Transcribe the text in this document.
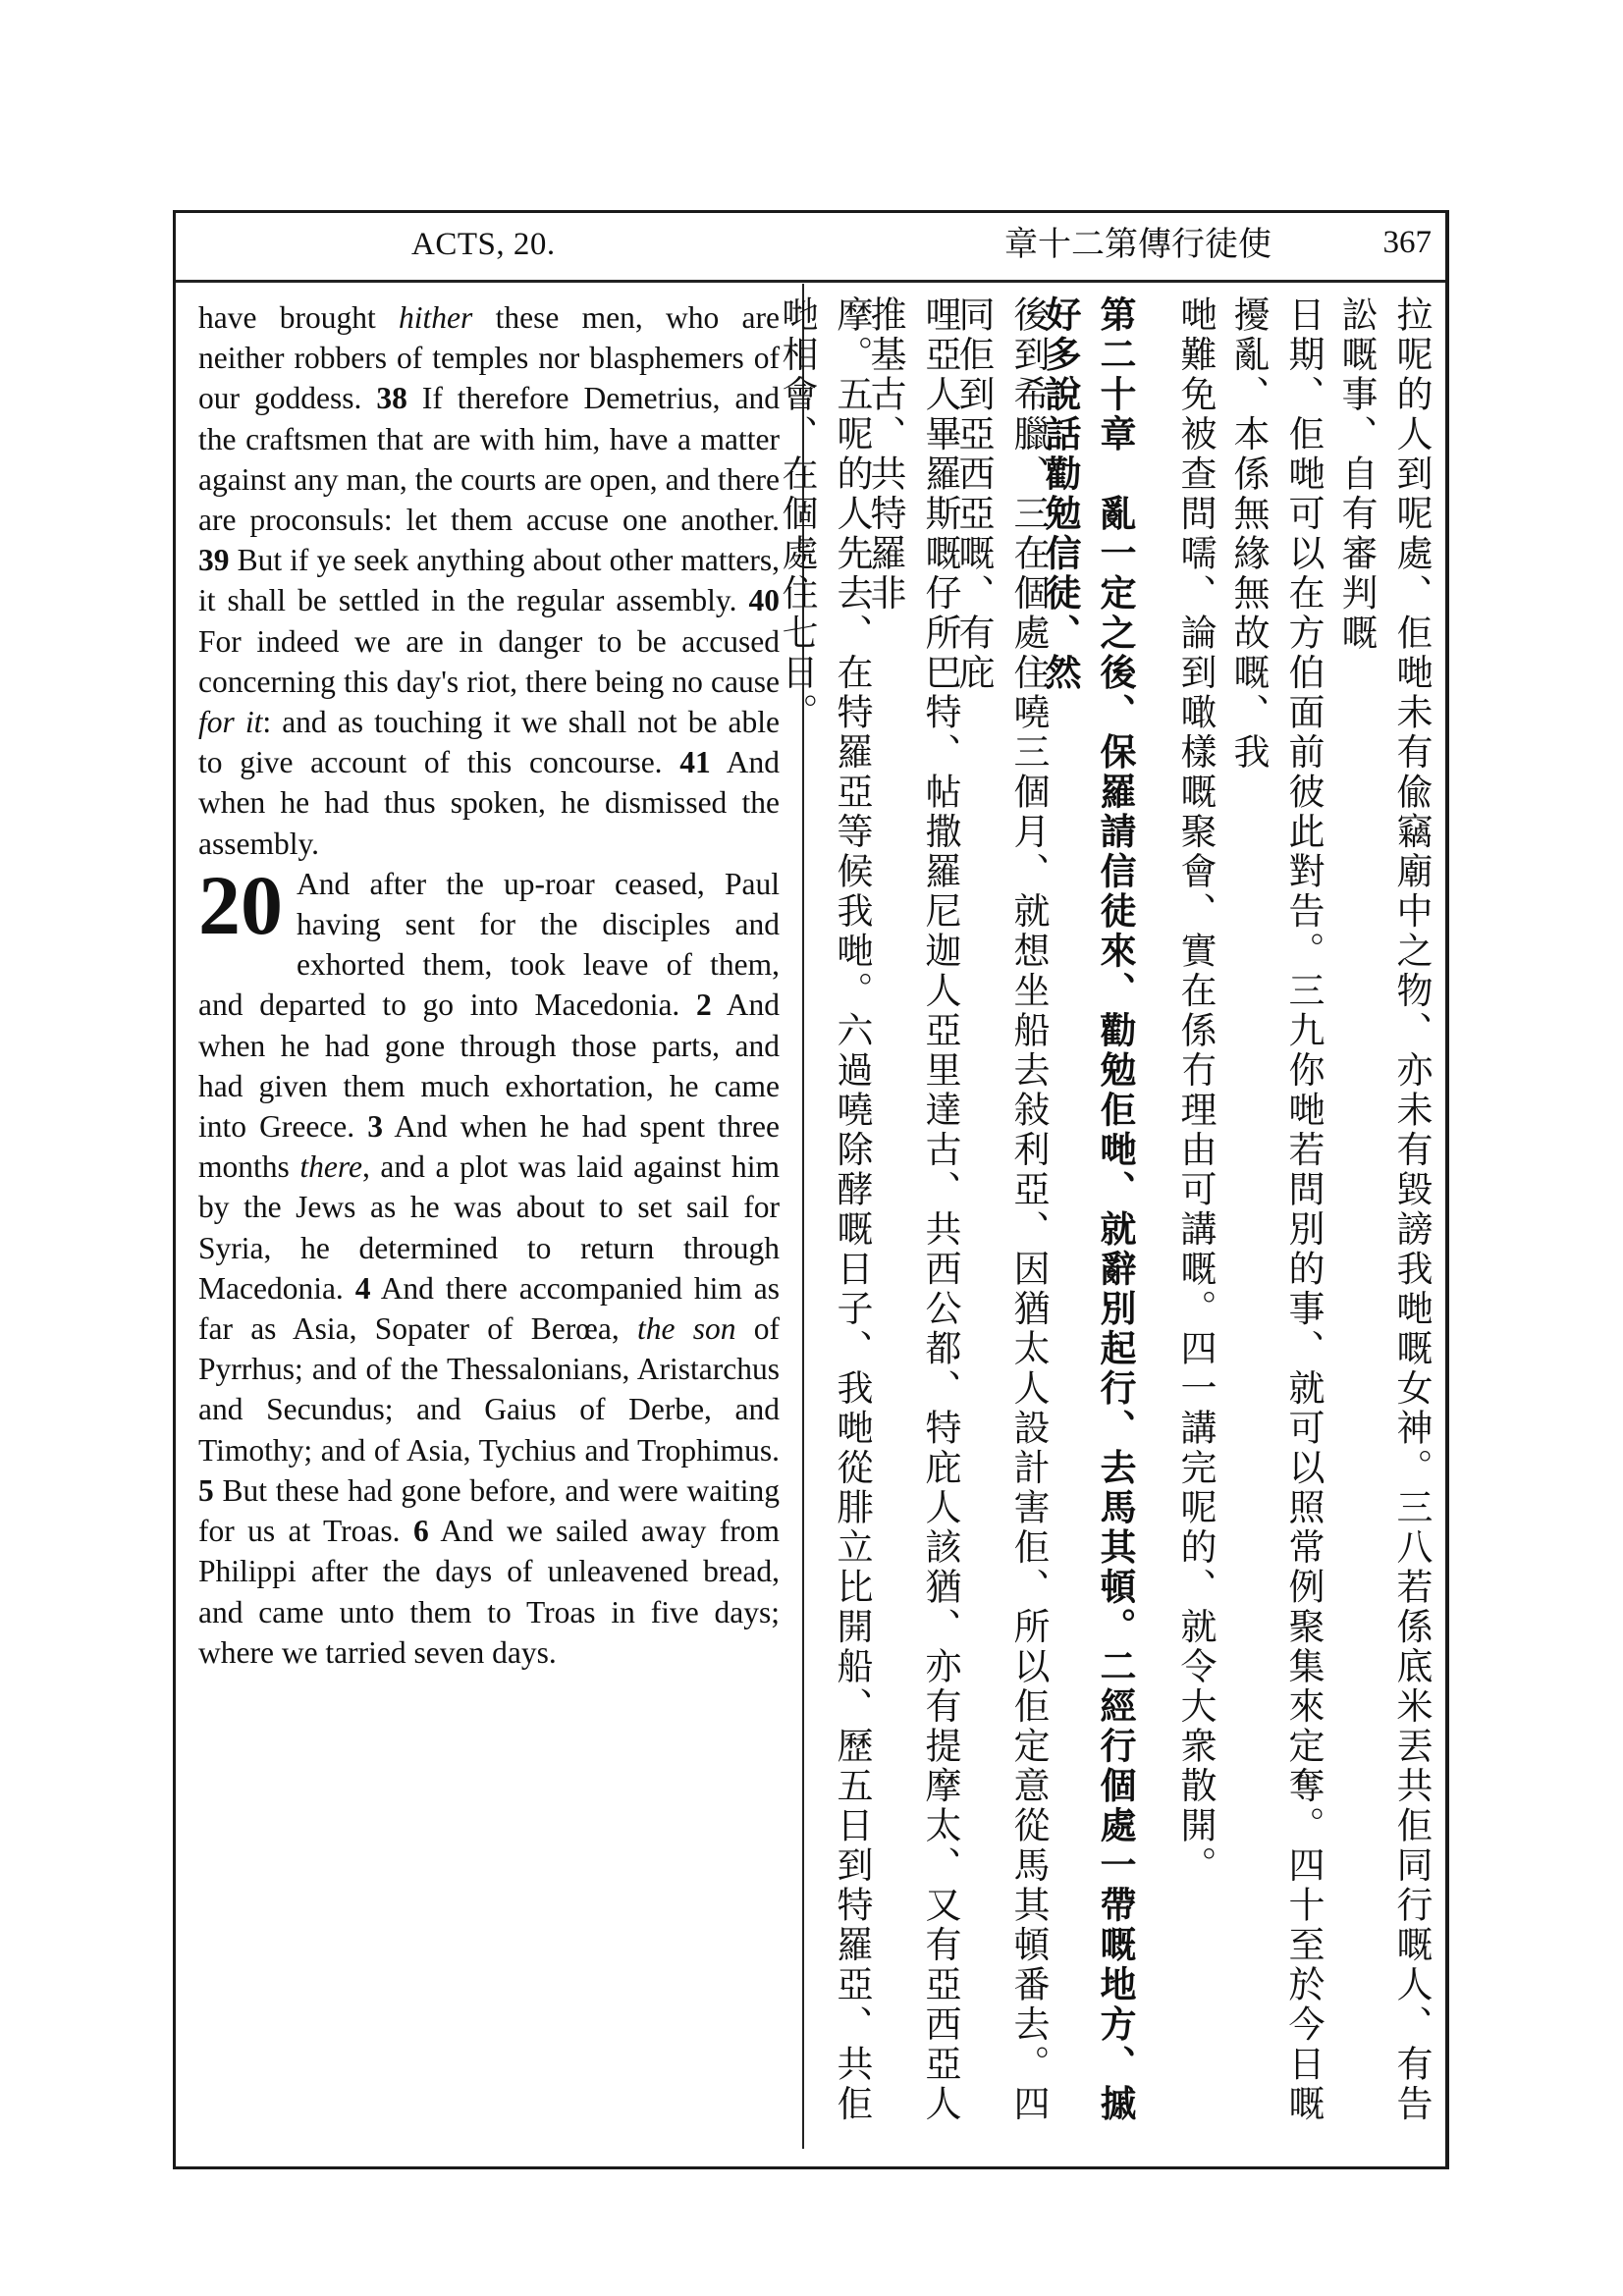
ACTS, 20.	章十二第傳行徒使	367

have brought hither these men, who are neither robbers of temples nor blasphemers of our goddess. 38 If therefore Demetrius, and the craftsmen that are with him, have a matter against any man, the courts are open, and there are proconsuls: let them accuse one another. 39 But if ye seek anything about other matters, it shall be settled in the regular assembly. 40 For indeed we are in danger to be accused concerning this day's riot, there being no cause for it: and as touching it we shall not be able to give account of this concourse. 41 And when he had thus spoken, he dismissed the assembly.

20 And after the up-roar ceased, Paul having sent for the disciples and exhorted them, took leave of them, and departed to go into Macedonia. 2 And when he had gone through those parts, and had given them much exhortation, he came into Greece. 3 And when he had spent three months there, and a plot was laid against him by the Jews as he was about to set sail for Syria, he determined to return through Macedonia. 4 And there accompanied him as far as Asia, Sopater of Berœa, the son of Pyrrhus; and of the Thessalonians, Aristarchus and Secundus; and Gaius of Derbe, and Timothy; and of Asia, Tychius and Trophimus. 5 But these had gone before, and were waiting for us at Troas. 6 And we sailed away from Philippi after the days of unleavened bread, and came unto them to Troas in five days; where we tarried seven days.	拉呢的人到呢處、佢哋未有偸竊廟中之物、亦未有毀謗我哋嘅女神。三八若係底米丟共佢同行嘅人、有告訟嘅事、自有審判嘅
日期、佢哋可以在方伯面前彼此對告。三九你哋若問別的事、就可以照常例聚集來定奪。四十至於今日嘅擾亂、本係無緣無故嘅、我
哋難免被查問嚅、論到噉樣嘅聚會、實在係冇理由可講嘅。四一講完呢的、就令大衆散開。
第二十章　亂一定之後、保羅請信徒來、勸勉佢哋、就辭別起行、去馬其頓。二經行個處一帶嘅地方、摵好多說話勸勉信徒、然
後到希臘、三在個處住嘵三個月、就想坐船去敍利亞、因猶太人設計害佢、所以佢定意從馬其頓番去。四同佢到亞西亞嘅、有庇
哩亞人畢羅斯嘅仔所巴特、帖撒羅尼迦人亞里達古、共西公都、特庇人該猶、亦有提摩太、又有亞西亞人推基古、共特羅非
摩。五呢的人先去、在特羅亞等候我哋。六過嘵除酵嘅日子、我哋從腓立比開船、歷五日到特羅亞、共佢哋相會、在個處住七日。
